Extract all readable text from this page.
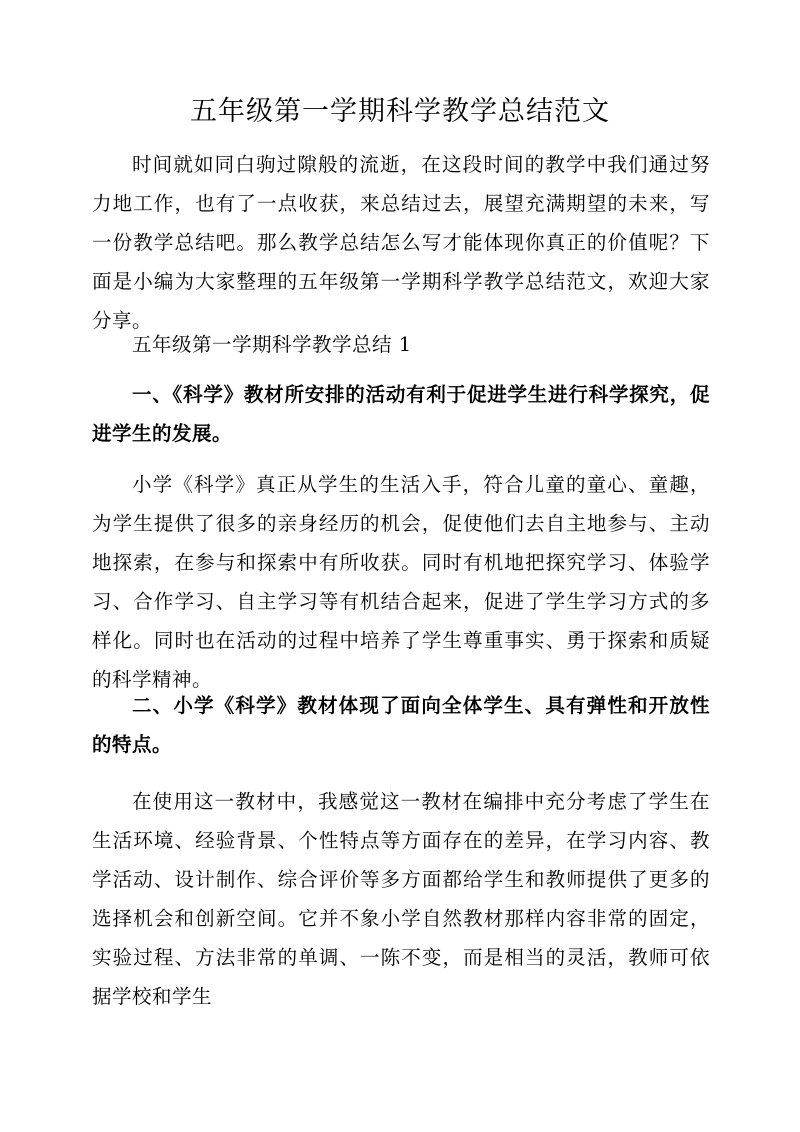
五年级第一学期科学教学总结范文
时间就如同白驹过隙般的流逝，在这段时间的教学中我们通过努力地工作，也有了一点收获，来总结过去，展望充满期望的未来，写一份教学总结吧。那么教学总结怎么写才能体现你真正的价值呢？下面是小编为大家整理的五年级第一学期科学教学总结范文，欢迎大家分享。
五年级第一学期科学教学总结 1
一、《科学》教材所安排的活动有利于促进学生进行科学探究，促进学生的发展。
小学《科学》真正从学生的生活入手，符合儿童的童心、童趣，为学生提供了很多的亲身经历的机会，促使他们去自主地参与、主动地探索，在参与和探索中有所收获。同时有机地把探究学习、体验学习、合作学习、自主学习等有机结合起来，促进了学生学习方式的多样化。同时也在活动的过程中培养了学生尊重事实、勇于探索和质疑的科学精神。
二、小学《科学》教材体现了面向全体学生、具有弹性和开放性的特点。
在使用这一教材中，我感觉这一教材在编排中充分考虑了学生在生活环境、经验背景、个性特点等方面存在的差异，在学习内容、教学活动、设计制作、综合评价等多方面都给学生和教师提供了更多的选择机会和创新空间。它并不象小学自然教材那样内容非常的固定，实验过程、方法非常的单调、一陈不变，而是相当的灵活，教师可依据学校和学生
